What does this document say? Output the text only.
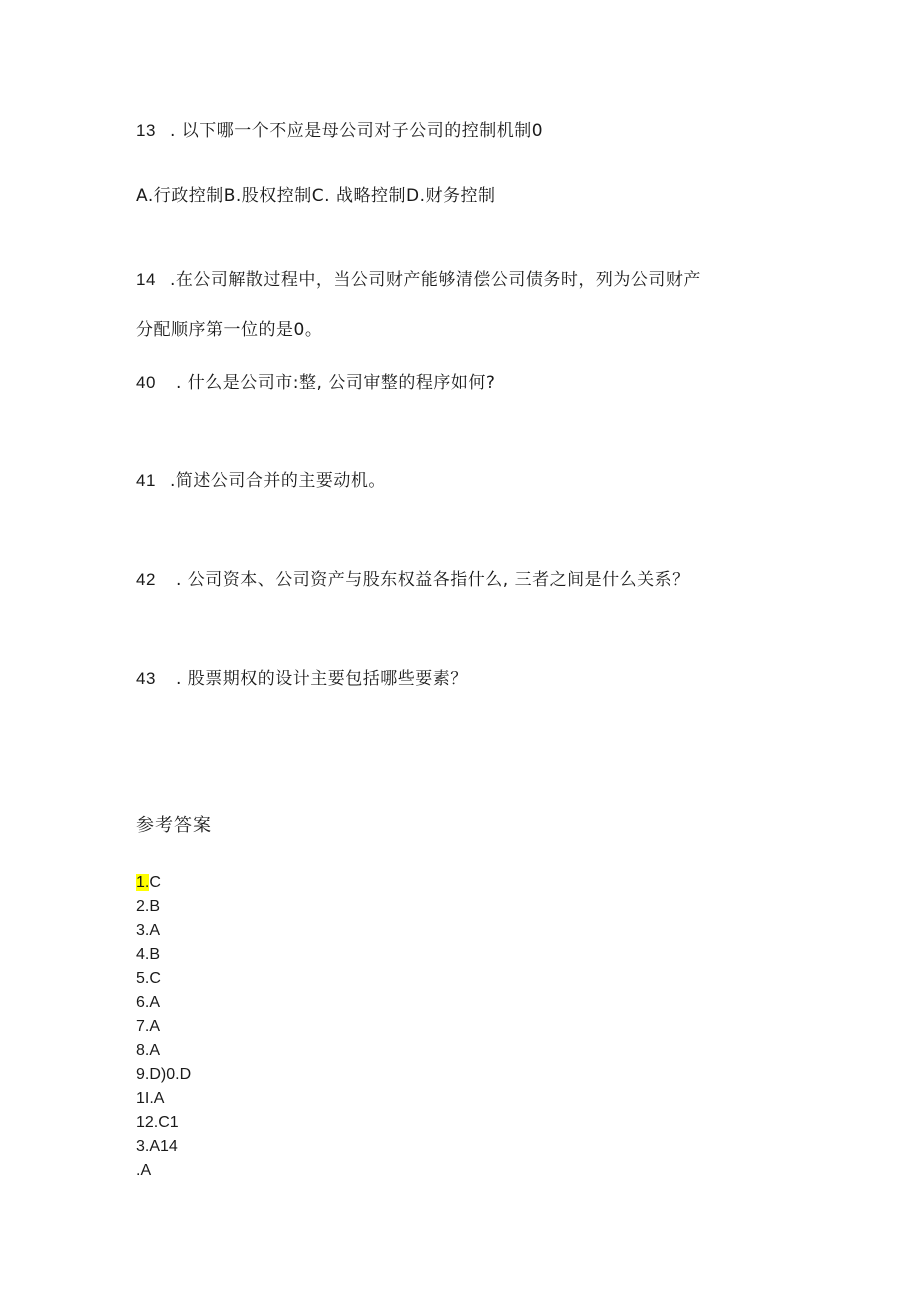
13 . 以下哪一个不应是母公司对子公司的控制机制0
A.行政控制B.股权控制C. 战略控制D.财务控制
14 .在公司解散过程中，当公司财产能够清偿公司债务时，列为公司财产
分配顺序第一位的是0。
40 . 什么是公司市:整, 公司审整的程序如何?
41 .简述公司合并的主要动机。
42 . 公司资本、公司资产与股东权益各指什么, 三者之间是什么关系？
43 . 股票期权的设计主要包括哪些要素？
参考答案
1.C
2.B
3.A
4.B
5.C
6.A
7.A
8.A
9.D)0.D
1I.A
12.C1
3.A14
.A
